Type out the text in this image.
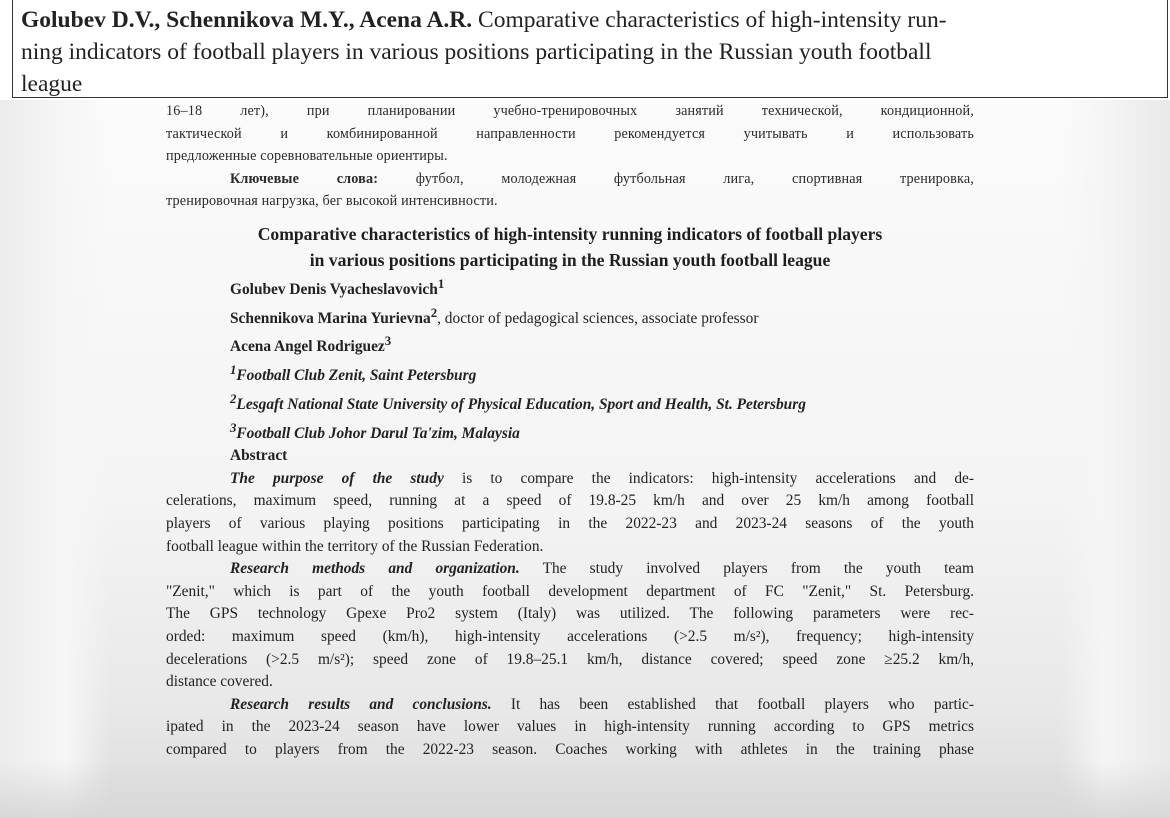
Golubev D.V., Schennikova M.Y., Acena A.R. Comparative characteristics of high-intensity run-
ning indicators of football players in various positions participating in the Russian youth football
league
16–18 лет), при планировании учебно-тренировочных занятий технической, кондиционной,
тактической и комбинированной направленности рекомендуется учитывать и использовать
предложенные соревновательные ориентиры.
Ключевые слова: футбол, молодежная футбольная лига, спортивная тренировка,
тренировочная нагрузка, бег высокой интенсивности.
Comparative characteristics of high-intensity running indicators of football players
in various positions participating in the Russian youth football league
Golubev Denis Vyacheslavovich$^1$
Schennikova Marina Yurievna$^2$, doctor of pedagogical sciences, associate professor
Acena Angel Rodriguez$^3$
$^1$Football Club Zenit, Saint Petersburg
$^2$Lesgaft National State University of Physical Education, Sport and Health, St. Petersburg
$^3$Football Club Johor Darul Ta'zim, Malaysia
Abstract
The purpose of the study is to compare the indicators: high-intensity accelerations and de-
celerations, maximum speed, running at a speed of 19.8-25 km/h and over 25 km/h among football
players of various playing positions participating in the 2022-23 and 2023-24 seasons of the youth
football league within the territory of the Russian Federation.
Research methods and organization. The study involved players from the youth team
"Zenit," which is part of the youth football development department of FC "Zenit," St. Petersburg.
The GPS technology Gpexe Pro2 system (Italy) was utilized. The following parameters were rec-
orded: maximum speed (km/h), high-intensity accelerations (>2.5 m/s²), frequency; high-intensity
decelerations (>2.5 m/s²); speed zone of 19.8–25.1 km/h, distance covered; speed zone ≥25.2 km/h,
distance covered.
Research results and conclusions. It has been established that football players who partic-
ipated in the 2023-24 season have lower values in high-intensity running according to GPS metrics
compared to players from the 2022-23 season. Coaches working with athletes in the training phase
